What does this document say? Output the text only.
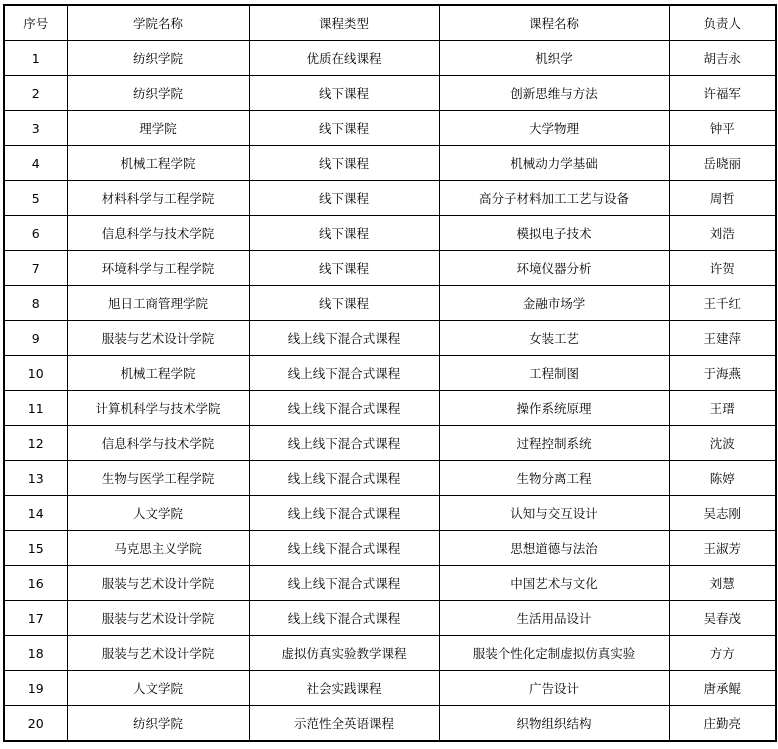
序号	学院名称	课程类型	课程名称	负责人
1	纺织学院	优质在线课程	机织学	胡吉永
2	纺织学院	线下课程	创新思维与方法	许福军
3	理学院	线下课程	大学物理	钟平
4	机械工程学院	线下课程	机械动力学基础	岳晓丽
5	材料科学与工程学院	线下课程	高分子材料加工工艺与设备	周哲
6	信息科学与技术学院	线下课程	模拟电子技术	刘浩
7	环境科学与工程学院	线下课程	环境仪器分析	许贺
8	旭日工商管理学院	线下课程	金融市场学	王千红
9	服装与艺术设计学院	线上线下混合式课程	女装工艺	王建萍
10	机械工程学院	线上线下混合式课程	工程制图	于海燕
11	计算机科学与技术学院	线上线下混合式课程	操作系统原理	王瑨
12	信息科学与技术学院	线上线下混合式课程	过程控制系统	沈波
13	生物与医学工程学院	线上线下混合式课程	生物分离工程	陈婷
14	人文学院	线上线下混合式课程	认知与交互设计	吴志刚
15	马克思主义学院	线上线下混合式课程	思想道德与法治	王淑芳
16	服装与艺术设计学院	线上线下混合式课程	中国艺术与文化	刘慧
17	服装与艺术设计学院	线上线下混合式课程	生活用品设计	吴春茂
18	服装与艺术设计学院	虚拟仿真实验教学课程	服装个性化定制虚拟仿真实验	方方
19	人文学院	社会实践课程	广告设计	唐承鲲
20	纺织学院	示范性全英语课程	织物组织结构	庄勤亮
